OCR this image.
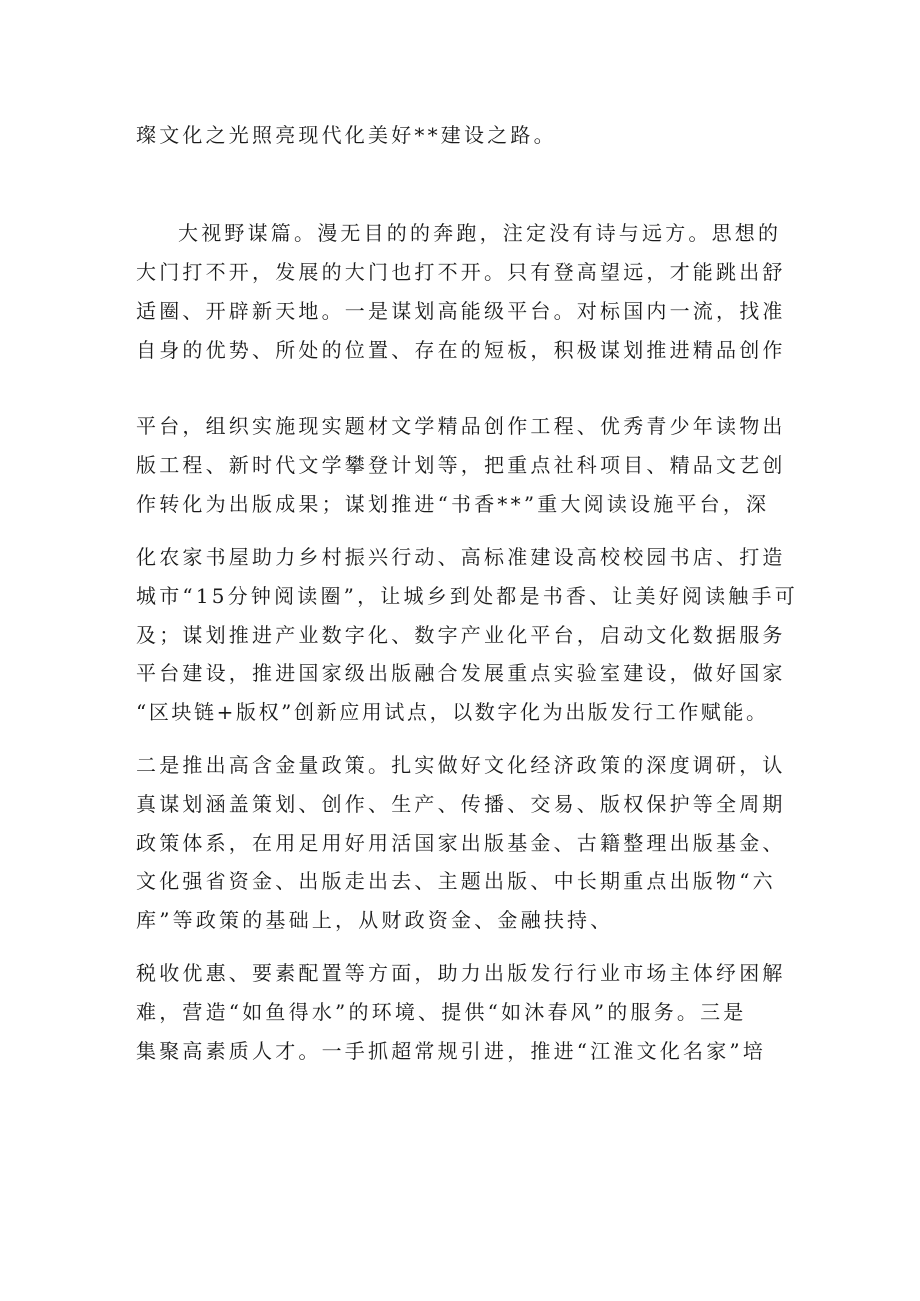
璨文化之光照亮现代化美好**建设之路。
大视野谋篇。漫无目的的奔跑，注定没有诗与远方。思想的
大门打不开，发展的大门也打不开。只有登高望远，才能跳出舒
适圈、开辟新天地。一是谋划高能级平台。对标国内一流，找准
自身的优势、所处的位置、存在的短板，积极谋划推进精品创作
平台，组织实施现实题材文学精品创作工程、优秀青少年读物出
版工程、新时代文学攀登计划等，把重点社科项目、精品文艺创
作转化为出版成果；谋划推进“书香**”重大阅读设施平台，深
化农家书屋助力乡村振兴行动、高标准建设高校校园书店、打造
城市“15分钟阅读圈”，让城乡到处都是书香、让美好阅读触手可
及；谋划推进产业数字化、数字产业化平台，启动文化数据服务
平台建设，推进国家级出版融合发展重点实验室建设，做好国家
“区块链+版权”创新应用试点，以数字化为出版发行工作赋能。
二是推出高含金量政策。扎实做好文化经济政策的深度调研，认
真谋划涵盖策划、创作、生产、传播、交易、版权保护等全周期
政策体系，在用足用好用活国家出版基金、古籍整理出版基金、
文化强省资金、出版走出去、主题出版、中长期重点出版物“六
库”等政策的基础上，从财政资金、金融扶持、
税收优惠、要素配置等方面，助力出版发行行业市场主体纾困解
难，营造“如鱼得水”的环境、提供“如沐春风”的服务。三是
集聚高素质人才。一手抓超常规引进，推进“江淮文化名家”培
